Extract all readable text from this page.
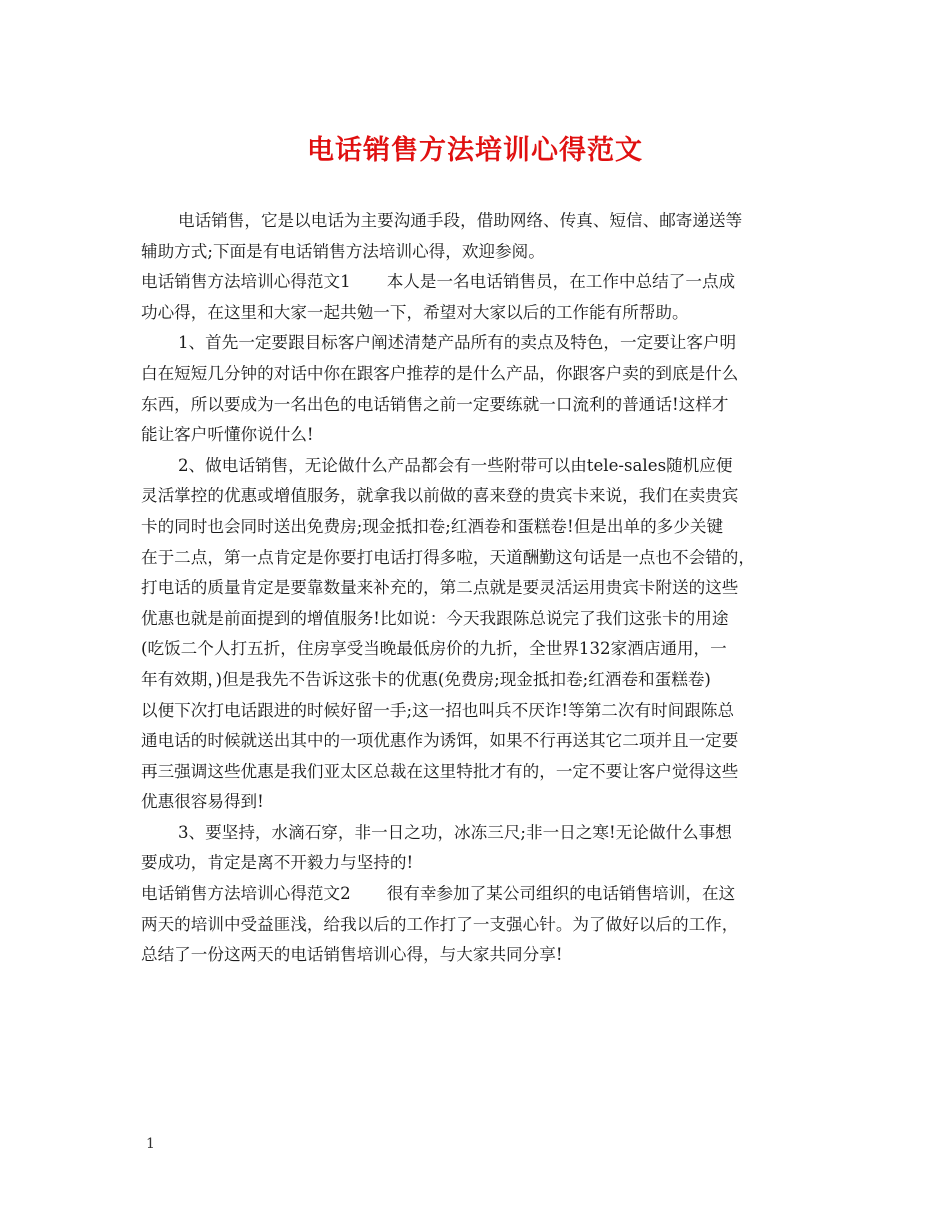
电话销售方法培训心得范文
电话销售，它是以电话为主要沟通手段，借助网络、传真、短信、邮寄递送等
辅助方式;下面是有电话销售方法培训心得，欢迎参阅。
电话销售方法培训心得范文1 本人是一名电话销售员，在工作中总结了一点成
功心得，在这里和大家一起共勉一下，希望对大家以后的工作能有所帮助。
1、首先一定要跟目标客户阐述清楚产品所有的卖点及特色，一定要让客户明
白在短短几分钟的对话中你在跟客户推荐的是什么产品，你跟客户卖的到底是什么
东西，所以要成为一名出色的电话销售之前一定要练就一口流利的普通话!这样才
能让客户听懂你说什么!
2、做电话销售，无论做什么产品都会有一些附带可以由tele-sales随机应便
灵活掌控的优惠或增值服务，就拿我以前做的喜来登的贵宾卡来说，我们在卖贵宾
卡的同时也会同时送出免费房;现金抵扣卷;红酒卷和蛋糕卷!但是出单的多少关键
在于二点，第一点肯定是你要打电话打得多啦，天道酬勤这句话是一点也不会错的，
打电话的质量肯定是要靠数量来补充的，第二点就是要灵活运用贵宾卡附送的这些
优惠也就是前面提到的增值服务!比如说：今天我跟陈总说完了我们这张卡的用途
(吃饭二个人打五折，住房享受当晚最低房价的九折，全世界132家酒店通用，一
年有效期，)但是我先不告诉这张卡的优惠(免费房;现金抵扣卷;红酒卷和蛋糕卷)
以便下次打电话跟进的时候好留一手;这一招也叫兵不厌诈!等第二次有时间跟陈总
通电话的时候就送出其中的一项优惠作为诱饵，如果不行再送其它二项并且一定要
再三强调这些优惠是我们亚太区总裁在这里特批才有的，一定不要让客户觉得这些
优惠很容易得到!
3、要坚持，水滴石穿，非一日之功，冰冻三尺;非一日之寒!无论做什么事想
要成功，肯定是离不开毅力与坚持的!
电话销售方法培训心得范文2 很有幸参加了某公司组织的电话销售培训，在这
两天的培训中受益匪浅，给我以后的工作打了一支强心针。为了做好以后的工作，
总结了一份这两天的电话销售培训心得，与大家共同分享!
1
